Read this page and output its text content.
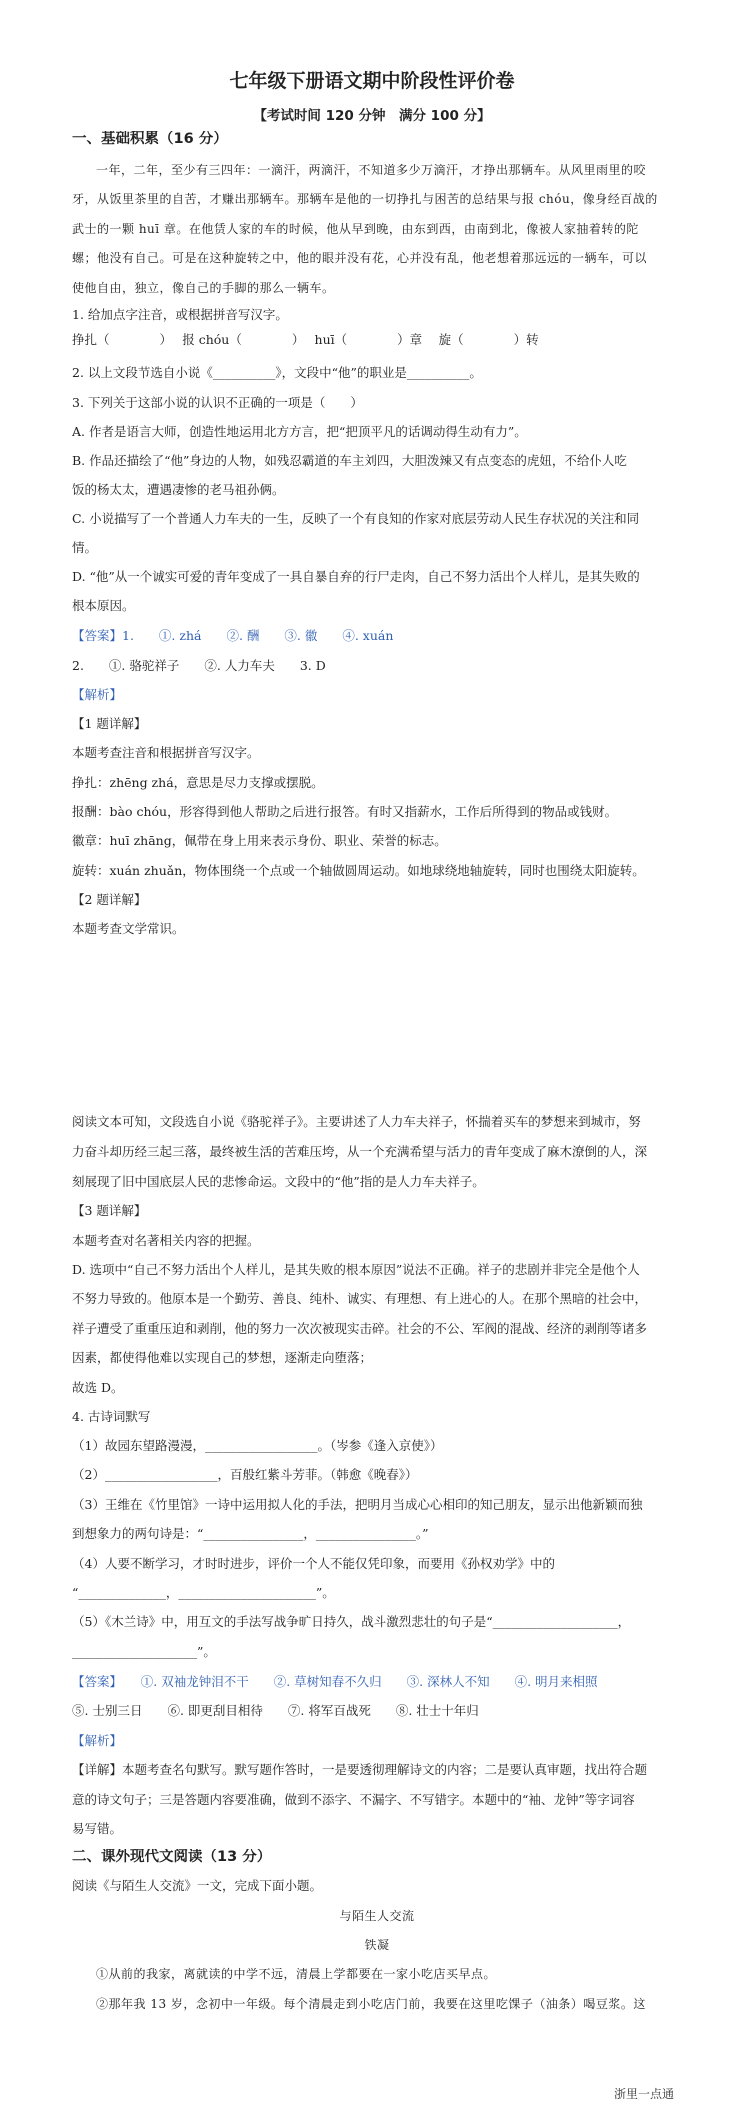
七年级下册语文期中阶段性评价卷
【考试时间 120 分钟　满分 100 分】
一、基础积累（16 分）
一年，二年，至少有三四年：一滴汗，两滴汗，不知道多少万滴汗，才挣出那辆车。从风里雨里的咬
牙，从饭里茶里的自苦，才赚出那辆车。那辆车是他的一切挣扎与困苦的总结果与报 chóu，像身经百战的
武士的一颗 huī 章。在他赁人家的车的时候，他从早到晚，由东到西，由南到北，像被人家抽着转的陀
螺；他没有自己。可是在这种旋转之中，他的眼并没有花，心并没有乱，他老想着那远远的一辆车，可以
使他自由，独立，像自己的手脚的那么一辆车。
1. 给加点字注音，或根据拼音写汉字。
挣扎（　　　　）　 报 chóu（　　　　）　 huī（　　　　）章　 旋（　　　　）转
2. 以上文段节选自小说《__________》，文段中“他”的职业是__________。
3. 下列关于这部小说的认识不正确的一项是（　　）
A. 作者是语言大师，创造性地运用北方方言，把“把顶平凡的话调动得生动有力”。
B. 作品还描绘了“他”身边的人物，如残忍霸道的车主刘四，大胆泼辣又有点变态的虎妞，不给仆人吃
饭的杨太太，遭遇凄惨的老马祖孙俩。
C. 小说描写了一个普通人力车夫的一生，反映了一个有良知的作家对底层劳动人民生存状况的关注和同
情。
D. “他”从一个诚实可爱的青年变成了一具自暴自弃的行尸走肉，自己不努力活出个人样儿，是其失败的
根本原因。
【答案】1.　　①. zhá　　②. 酬　　③. 徽　　④. xuán
2.　　①. 骆驼祥子　　②. 人力车夫　　3. D
【解析】
【1 题详解】
本题考查注音和根据拼音写汉字。
挣扎：zhēng zhá，意思是尽力支撑或摆脱。
报酬：bào chóu，形容得到他人帮助之后进行报答。有时又指薪水，工作后所得到的物品或钱财。
徽章：huī zhāng，佩带在身上用来表示身份、职业、荣誉的标志。
旋转：xuán zhuǎn，物体围绕一个点或一个轴做圆周运动。如地球绕地轴旋转，同时也围绕太阳旋转。
【2 题详解】
本题考查文学常识。
阅读文本可知，文段选自小说《骆驼祥子》。主要讲述了人力车夫祥子，怀揣着买车的梦想来到城市，努
力奋斗却历经三起三落，最终被生活的苦难压垮，从一个充满希望与活力的青年变成了麻木潦倒的人，深
刻展现了旧中国底层人民的悲惨命运。文段中的“他”指的是人力车夫祥子。
【3 题详解】
本题考查对名著相关内容的把握。
D. 选项中“自己不努力活出个人样儿，是其失败的根本原因”说法不正确。祥子的悲剧并非完全是他个人
不努力导致的。他原本是一个勤劳、善良、纯朴、诚实、有理想、有上进心的人。在那个黑暗的社会中，
祥子遭受了重重压迫和剥削，他的努力一次次被现实击碎。社会的不公、军阀的混战、经济的剥削等诸多
因素，都使得他难以实现自己的梦想，逐渐走向堕落；
故选 D。
4. 古诗词默写
（1）故园东望路漫漫，__________________。（岑参《逢入京使》）
（2）__________________，百般红紫斗芳菲。（韩愈《晚春》）
（3）王维在《竹里馆》一诗中运用拟人化的手法，把明月当成心心相印的知己朋友，显示出他新颖而独
到想象力的两句诗是：“________________，________________。”
（4）人要不断学习，才时时进步，评价一个人不能仅凭印象，而要用《孙权劝学》中的
“______________，______________________”。
（5）《木兰诗》中，用互文的手法写战争旷日持久，战斗激烈悲壮的句子是“____________________，
____________________”。
【答案】　　①. 双袖龙钟泪不干　　②. 草树知春不久归　　③. 深林人不知　　④. 明月来相照
⑤. 士别三日　　⑥. 即更刮目相待　　⑦. 将军百战死　　⑧. 壮士十年归
【解析】
【详解】本题考查名句默写。默写题作答时，一是要透彻理解诗文的内容；二是要认真审题，找出符合题
意的诗文句子；三是答题内容要准确，做到不添字、不漏字、不写错字。本题中的“袖、龙钟”等字词容
易写错。
二、课外现代文阅读（13 分）
阅读《与陌生人交流》一文，完成下面小题。
与陌生人交流
铁凝
①从前的我家，离就读的中学不远，清晨上学都要在一家小吃店买早点。
②那年我 13 岁，念初中一年级。每个清晨走到小吃店门前，我要在这里吃馃子（油条）喝豆浆。这
浙里一点通
